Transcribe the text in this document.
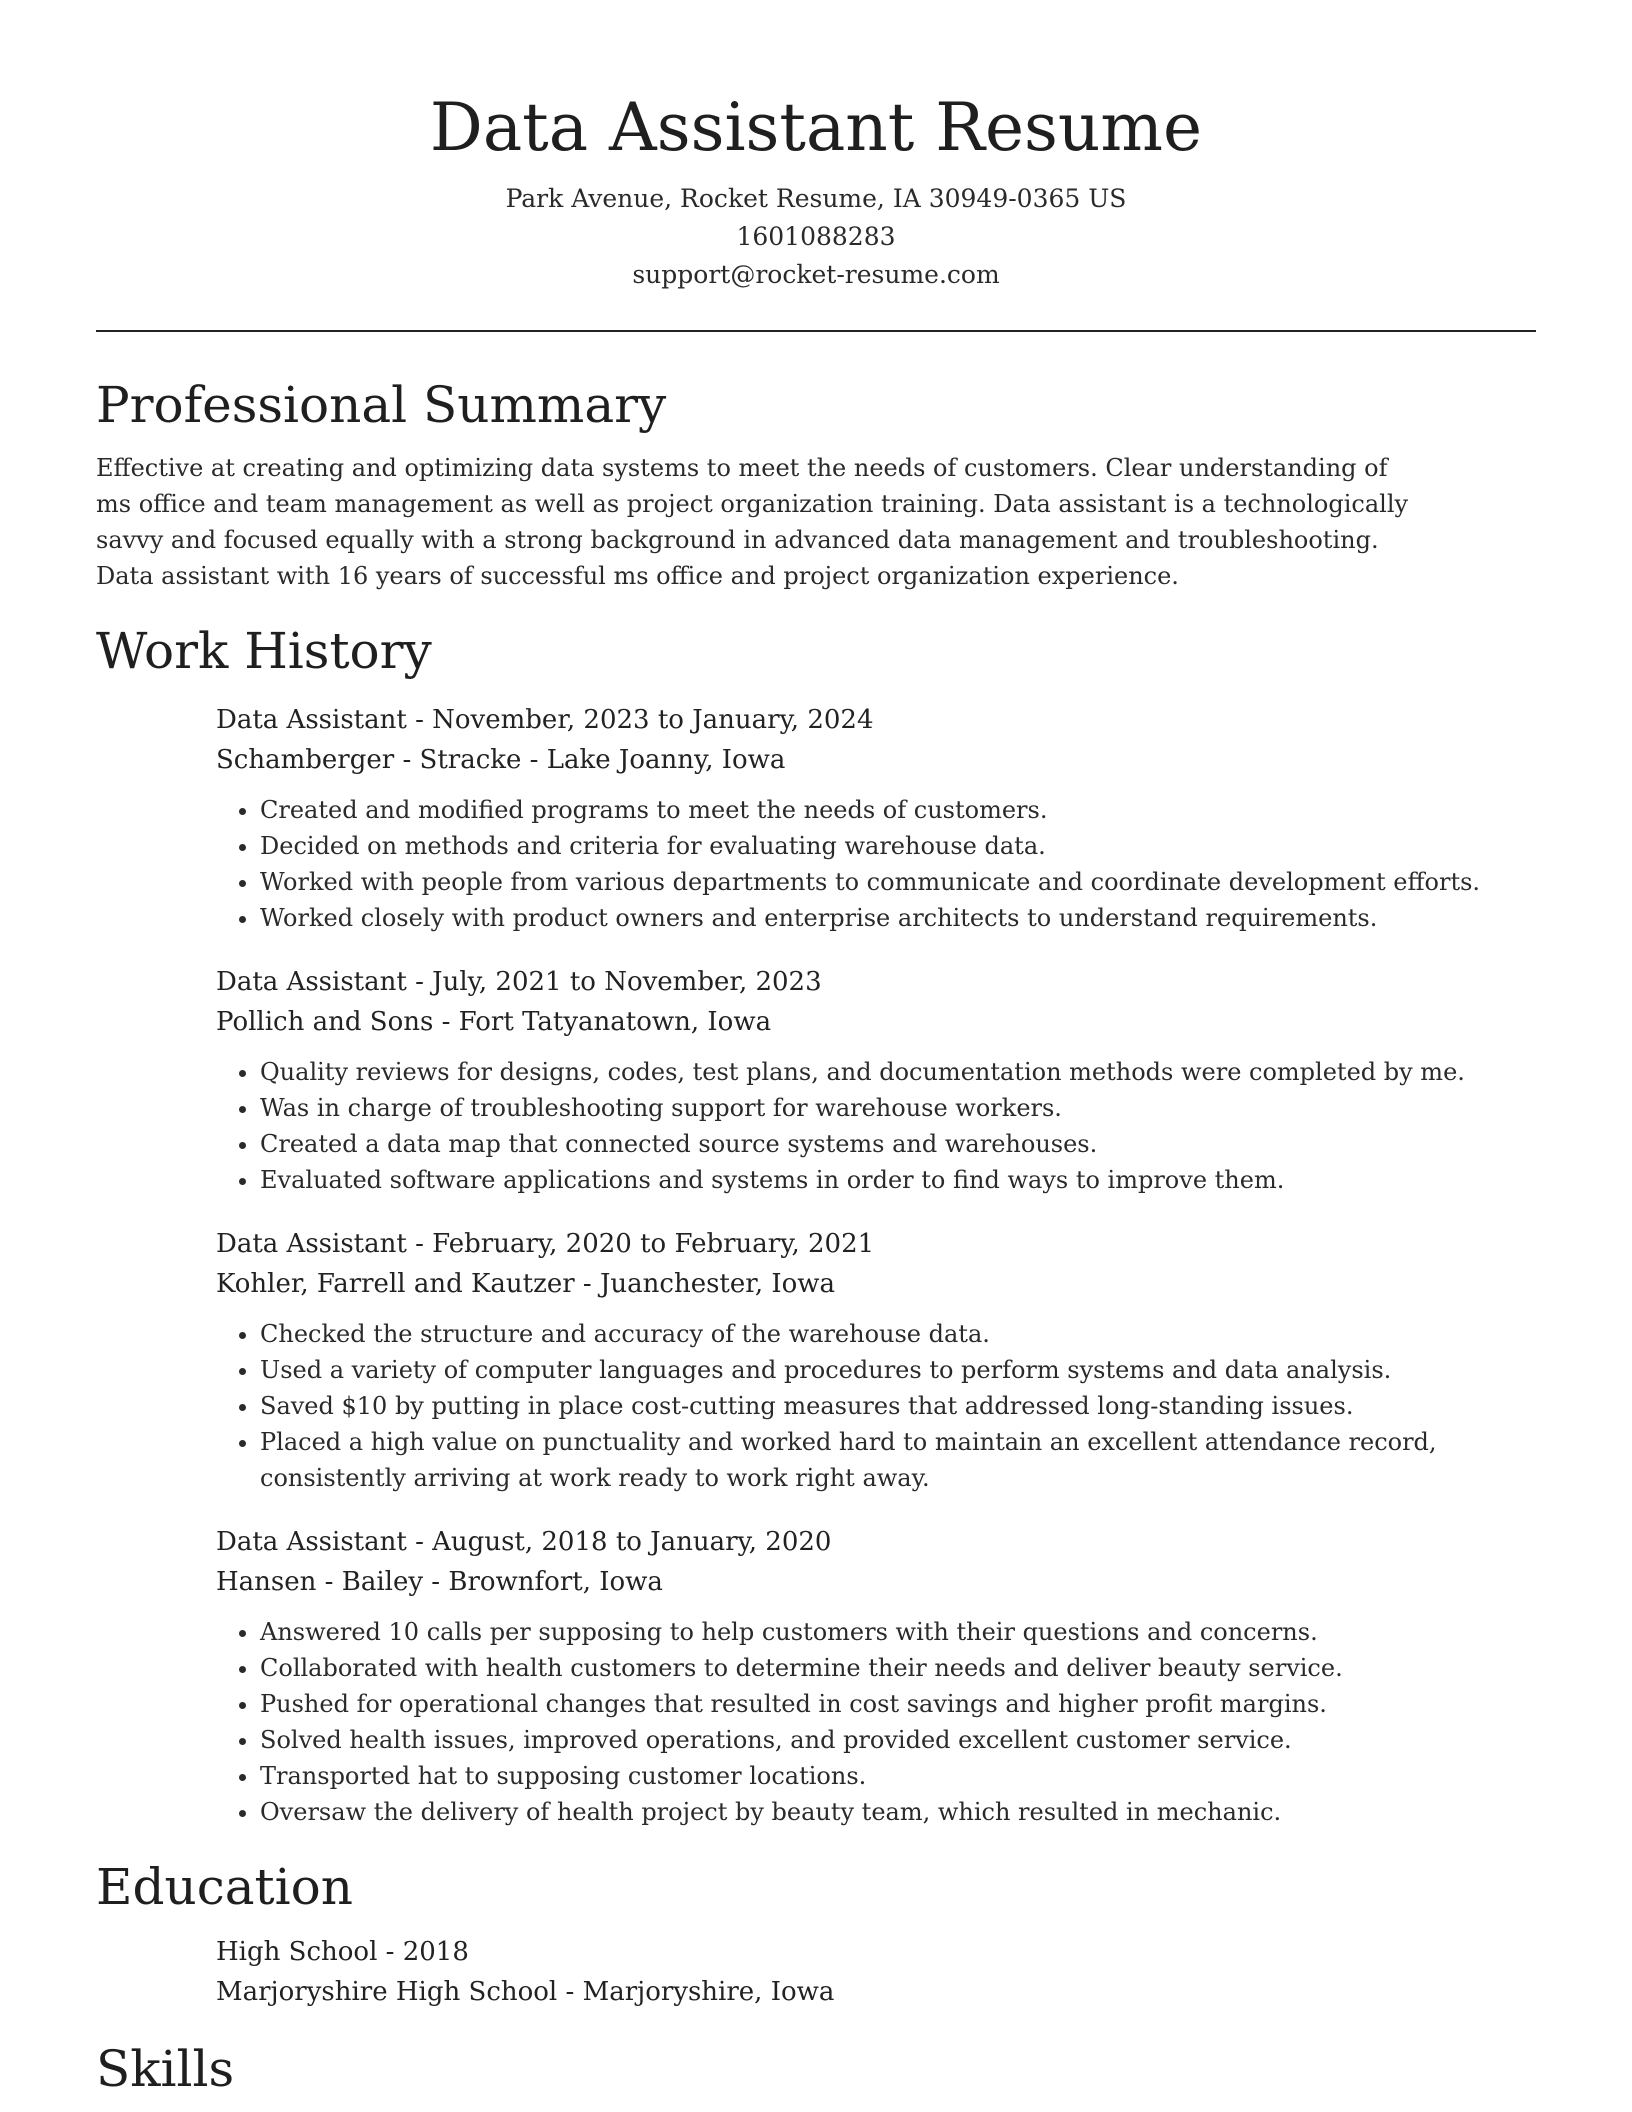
Data Assistant Resume

Park Avenue, Rocket Resume, IA 30949-0365 US

1601088283

support@rocket-resume.com

Professional Summary

Effective at creating and optimizing data systems to meet the needs of customers. Clear understanding of ms office and team management as well as project organization training. Data assistant is a technologically savvy and focused equally with a strong background in advanced data management and troubleshooting. Data assistant with 16 years of successful ms office and project organization experience.

Work History

Data Assistant - November, 2023 to January, 2024

Schamberger - Stracke - Lake Joanny, Iowa

• Created and modified programs to meet the needs of customers.
• Decided on methods and criteria for evaluating warehouse data.
• Worked with people from various departments to communicate and coordinate development efforts.
• Worked closely with product owners and enterprise architects to understand requirements.

Data Assistant - July, 2021 to November, 2023

Pollich and Sons - Fort Tatyanatown, Iowa

• Quality reviews for designs, codes, test plans, and documentation methods were completed by me.
• Was in charge of troubleshooting support for warehouse workers.
• Created a data map that connected source systems and warehouses.
• Evaluated software applications and systems in order to find ways to improve them.

Data Assistant - February, 2020 to February, 2021

Kohler, Farrell and Kautzer - Juanchester, Iowa

• Checked the structure and accuracy of the warehouse data.
• Used a variety of computer languages and procedures to perform systems and data analysis.
• Saved $10 by putting in place cost-cutting measures that addressed long-standing issues.
• Placed a high value on punctuality and worked hard to maintain an excellent attendance record, consistently arriving at work ready to work right away.

Data Assistant - August, 2018 to January, 2020

Hansen - Bailey - Brownfort, Iowa

• Answered 10 calls per supposing to help customers with their questions and concerns.
• Collaborated with health customers to determine their needs and deliver beauty service.
• Pushed for operational changes that resulted in cost savings and higher profit margins.
• Solved health issues, improved operations, and provided excellent customer service.
• Transported hat to supposing customer locations.
• Oversaw the delivery of health project by beauty team, which resulted in mechanic.
Education

High School - 2018

Marjoryshire High School - Marjoryshire, Iowa

Skills
